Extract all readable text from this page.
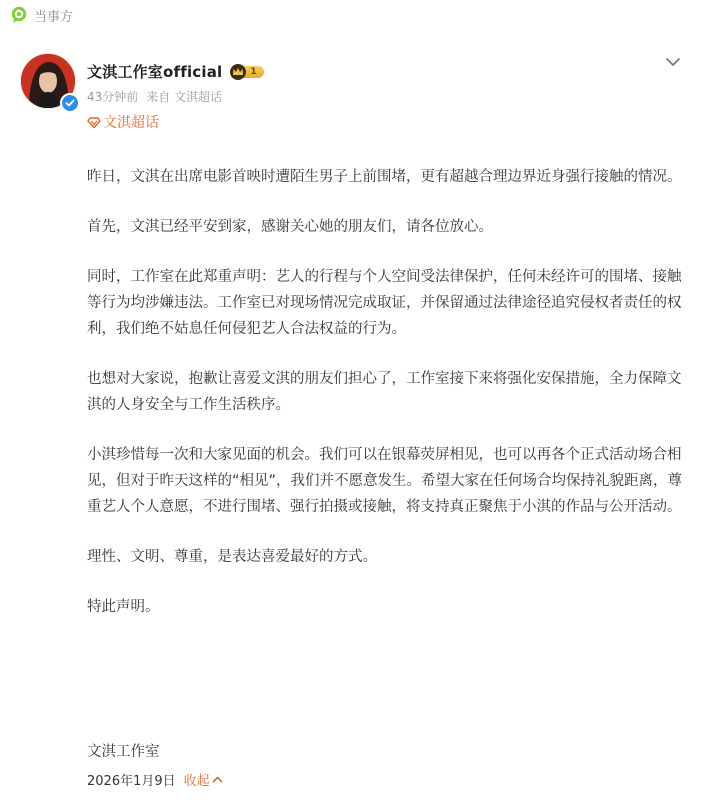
当事方
文淇工作室official	1
43分钟前 来自 文淇超话
文淇超话

昨日，文淇在出席电影首映时遭陌生男子上前围堵，更有超越合理边界近身强行接触的情况。

首先，文淇已经平安到家，感谢关心她的朋友们，请各位放心。

同时，工作室在此郑重声明：艺人的行程与个人空间受法律保护，任何未经许可的围堵、接触等行为均涉嫌违法。工作室已对现场情况完成取证，并保留通过法律途径追究侵权者责任的权利，我们绝不姑息任何侵犯艺人合法权益的行为。

也想对大家说，抱歉让喜爱文淇的朋友们担心了，工作室接下来将强化安保措施，全力保障文淇的人身安全与工作生活秩序。

小淇珍惜每一次和大家见面的机会。我们可以在银幕荧屏相见，也可以再各个正式活动场合相见，但对于昨天这样的“相见”，我们并不愿意发生。希望大家在任何场合均保持礼貌距离，尊重艺人个人意愿，不进行围堵、强行拍摄或接触，将支持真正聚焦于小淇的作品与公开活动。

理性、文明、尊重，是表达喜爱最好的方式。

特此声明。

文淇工作室
2026年1月9日 收起
